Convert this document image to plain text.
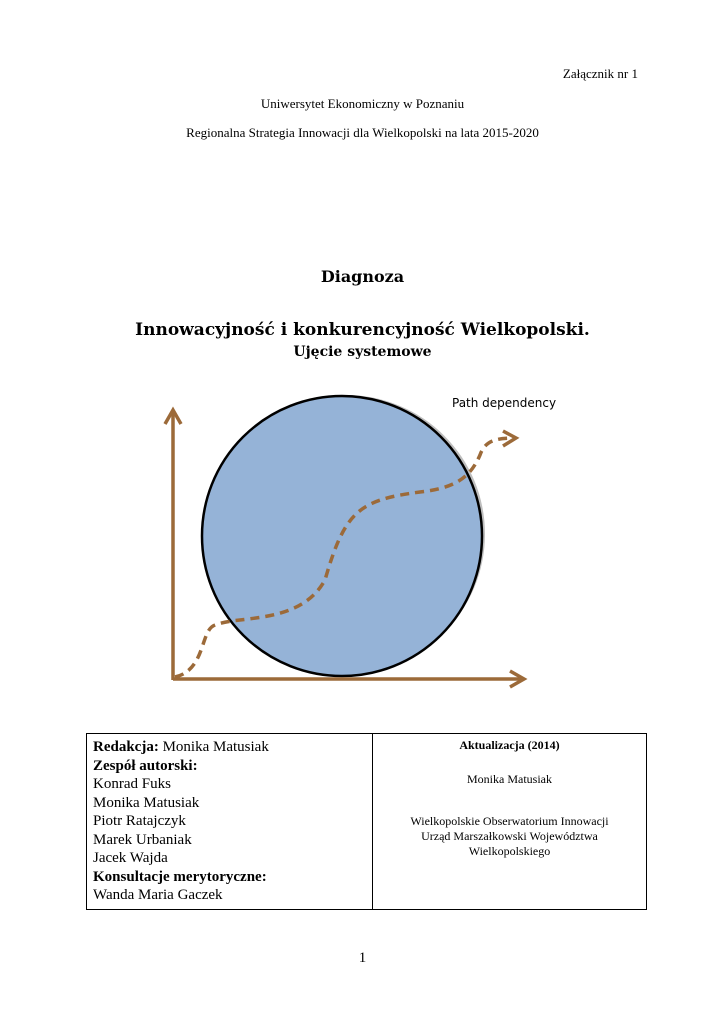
Załącznik nr 1
Uniwersytet Ekonomiczny w Poznaniu
Regionalna Strategia Innowacji dla Wielkopolski na lata 2015-2020
Diagnoza
Innowacyjność i konkurencyjność Wielkopolski.
Ujęcie systemowe
Path dependency
Redakcja: Monika Matusiak
Zespół autorski:
Konrad Fuks
Monika Matusiak
Piotr Ratajczyk
Marek Urbaniak
Jacek Wajda
Konsultacje merytoryczne:
Wanda Maria Gaczek

Aktualizacja (2014)
Monika Matusiak
Wielkopolskie Obserwatorium Innowacji
Urząd Marszałkowski Województwa
Wielkopolskiego
1
